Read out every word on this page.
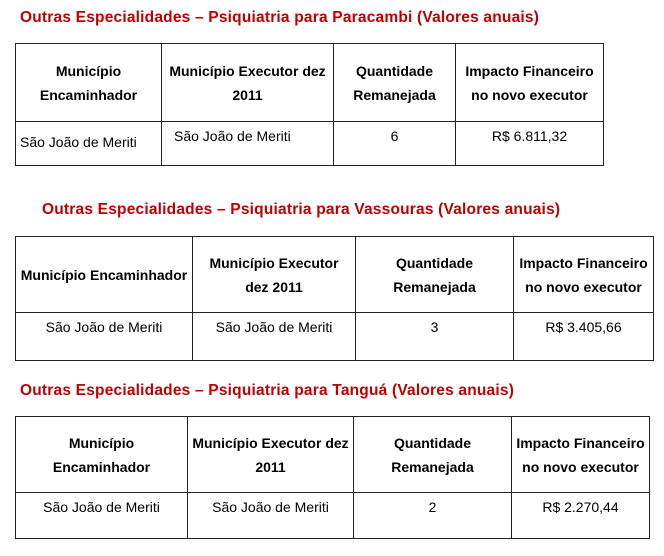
Outras Especialidades – Psiquiatria para Paracambi (Valores anuais)
Município Encaminhador	Município Executor dez 2011	Quantidade Remanejada	Impacto Financeiro no novo executor
São João de Meriti	São João de Meriti	6	R$ 6.811,32
Outras Especialidades – Psiquiatria para Vassouras (Valores anuais)
Município Encaminhador	Município Executor dez 2011	Quantidade Remanejada	Impacto Financeiro no novo executor
São João de Meriti	São João de Meriti	3	R$ 3.405,66
Outras Especialidades – Psiquiatria para Tanguá (Valores anuais)
Município Encaminhador	Município Executor dez 2011	Quantidade Remanejada	Impacto Financeiro no novo executor
São João de Meriti	São João de Meriti	2	R$ 2.270,44
